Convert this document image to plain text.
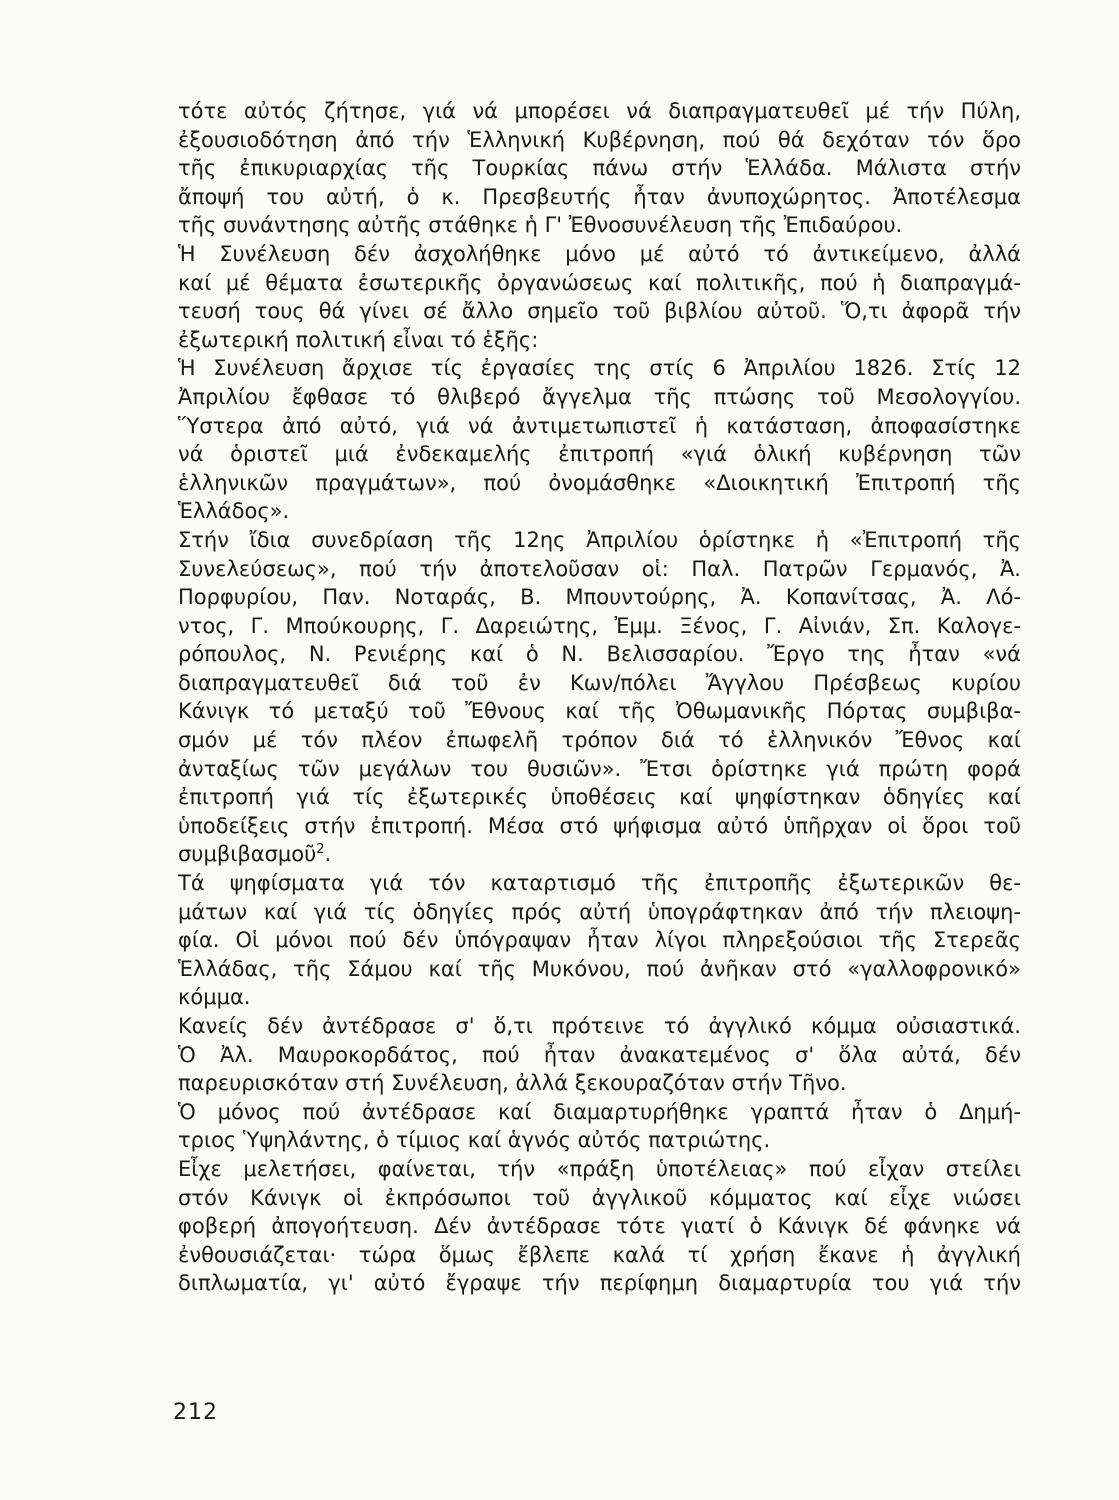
τότε αὐτός ζήτησε, γιά νά μπορέσει νά διαπραγματευθεῖ μέ τήν Πύλη,
ἐξουσιοδότηση ἀπό τήν Ἑλληνική Κυβέρνηση, πού θά δεχόταν τόν ὅρο
τῆς ἐπικυριαρχίας τῆς Τουρκίας πάνω στήν Ἑλλάδα. Μάλιστα στήν
ἄποψή του αὐτή, ὁ κ. Πρεσβευτής ἦταν ἀνυποχώρητος. Ἀποτέλεσμα
τῆς συνάντησης αὐτῆς στάθηκε ἡ Γ' Ἐθνοσυνέλευση τῆς Ἐπιδαύρου.
Ἡ Συνέλευση δέν ἀσχολήθηκε μόνο μέ αὐτό τό ἀντικείμενο, ἀλλά
καί μέ θέματα ἐσωτερικῆς ὀργανώσεως καί πολιτικῆς, πού ἡ διαπραγμά-
τευσή τους θά γίνει σέ ἄλλο σημεῖο τοῦ βιβλίου αὐτοῦ. Ὅ,τι ἀφορᾶ τήν
ἐξωτερική πολιτική εἶναι τό ἑξῆς:
Ἡ Συνέλευση ἄρχισε τίς ἐργασίες της στίς 6 Ἀπριλίου 1826. Στίς 12
Ἀπριλίου ἔφθασε τό θλιβερό ἄγγελμα τῆς πτώσης τοῦ Μεσολογγίου.
Ὕστερα ἀπό αὐτό, γιά νά ἀντιμετωπιστεῖ ἡ κατάσταση, ἀποφασίστηκε
νά ὁριστεῖ μιά ἐνδεκαμελής ἐπιτροπή «γιά ὁλική κυβέρνηση τῶν
ἑλληνικῶν πραγμάτων», πού ὀνομάσθηκε «Διοικητική Ἐπιτροπή τῆς
Ἑλλάδος».
Στήν ἴδια συνεδρίαση τῆς 12ης Ἀπριλίου ὁρίστηκε ἡ «Ἐπιτροπή τῆς
Συνελεύσεως», πού τήν ἀποτελοῦσαν οἱ: Παλ. Πατρῶν Γερμανός, Ἀ.
Πορφυρίου, Παν. Νοταράς, Β. Μπουντούρης, Ἀ. Κοπανίτσας, Ἀ. Λό-
ντος, Γ. Μπούκουρης, Γ. Δαρειώτης, Ἐμμ. Ξένος, Γ. Αἰνιάν, Σπ. Καλογε-
ρόπουλος, Ν. Ρενιέρης καί ὁ Ν. Βελισσαρίου. Ἔργο της ἦταν «νά
διαπραγματευθεῖ διά τοῦ ἐν Κων/πόλει Ἄγγλου Πρέσβεως κυρίου
Κάνιγκ τό μεταξύ τοῦ Ἔθνους καί τῆς Ὀθωμανικῆς Πόρτας συμβιβα-
σμόν μέ τόν πλέον ἐπωφελῆ τρόπον διά τό ἑλληνικόν Ἔθνος καί
ἀνταξίως τῶν μεγάλων του θυσιῶν». Ἔτσι ὁρίστηκε γιά πρώτη φορά
ἐπιτροπή γιά τίς ἐξωτερικές ὑποθέσεις καί ψηφίστηκαν ὁδηγίες καί
ὑποδείξεις στήν ἐπιτροπή. Μέσα στό ψήφισμα αὐτό ὑπῆρχαν οἱ ὅροι τοῦ
συμβιβασμοῦ$^2$.
Τά ψηφίσματα γιά τόν καταρτισμό τῆς ἐπιτροπῆς ἐξωτερικῶν θε-
μάτων καί γιά τίς ὁδηγίες πρός αὐτή ὑπογράφτηκαν ἀπό τήν πλειοψη-
φία. Οἱ μόνοι πού δέν ὑπόγραψαν ἦταν λίγοι πληρεξούσιοι τῆς Στερεᾶς
Ἑλλάδας, τῆς Σάμου καί τῆς Μυκόνου, πού ἀνῆκαν στό «γαλλοφρονικό»
κόμμα.
Κανείς δέν ἀντέδρασε σ' ὅ,τι πρότεινε τό ἀγγλικό κόμμα οὐσιαστικά.
Ὁ Ἀλ. Μαυροκορδάτος, πού ἦταν ἀνακατεμένος σ' ὅλα αὐτά, δέν
παρευρισκόταν στή Συνέλευση, ἀλλά ξεκουραζόταν στήν Τῆνο.
Ὁ μόνος πού ἀντέδρασε καί διαμαρτυρήθηκε γραπτά ἦταν ὁ Δημή-
τριος Ὑψηλάντης, ὁ τίμιος καί ἁγνός αὐτός πατριώτης.
Εἶχε μελετήσει, φαίνεται, τήν «πράξη ὑποτέλειας» πού εἶχαν στείλει
στόν Κάνιγκ οἱ ἐκπρόσωποι τοῦ ἀγγλικοῦ κόμματος καί εἶχε νιώσει
φοβερή ἀπογοήτευση. Δέν ἀντέδρασε τότε γιατί ὁ Κάνιγκ δέ φάνηκε νά
ἐνθουσιάζεται· τώρα ὅμως ἔβλεπε καλά τί χρήση ἔκανε ἡ ἀγγλική
διπλωματία, γι' αὐτό ἔγραψε τήν περίφημη διαμαρτυρία του γιά τήν
212
